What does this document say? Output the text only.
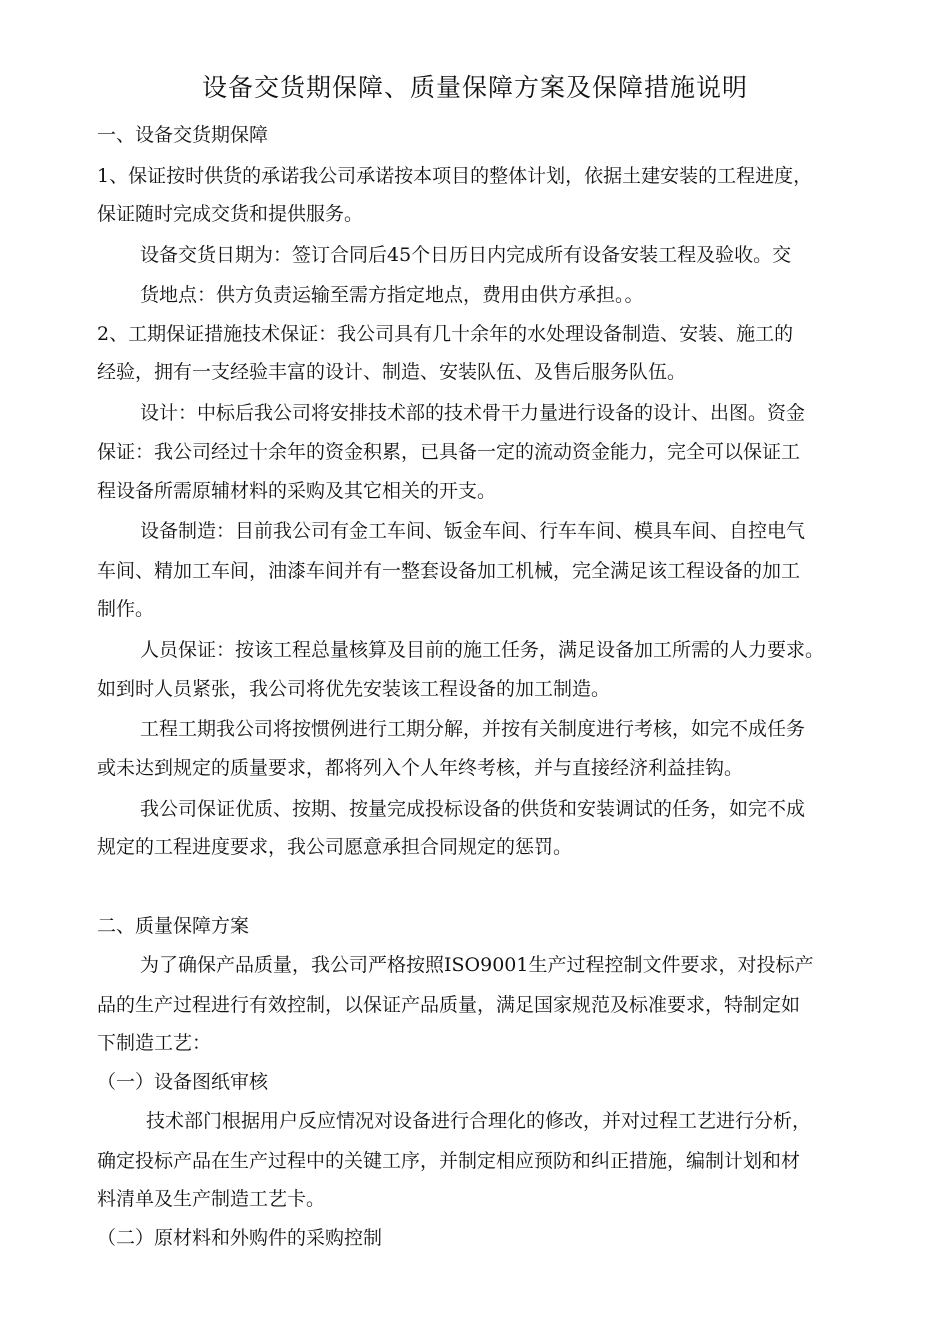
设备交货期保障、质量保障方案及保障措施说明
一、设备交货期保障
1、保证按时供货的承诺我公司承诺按本项目的整体计划，依据土建安装的工程进度，
保证随时完成交货和提供服务。
设备交货日期为：签订合同后45个日历日内完成所有设备安装工程及验收。交
货地点：供方负责运输至需方指定地点，费用由供方承担。。
2、工期保证措施技术保证：我公司具有几十余年的水处理设备制造、安装、施工的
经验，拥有一支经验丰富的设计、制造、安装队伍、及售后服务队伍。
设计：中标后我公司将安排技术部的技术骨干力量进行设备的设计、出图。资金
保证：我公司经过十余年的资金积累，已具备一定的流动资金能力，完全可以保证工
程设备所需原辅材料的采购及其它相关的开支。
设备制造：目前我公司有金工车间、钣金车间、行车车间、模具车间、自控电气
车间、精加工车间，油漆车间并有一整套设备加工机械，完全满足该工程设备的加工
制作。
人员保证：按该工程总量核算及目前的施工任务，满足设备加工所需的人力要求。
如到时人员紧张，我公司将优先安装该工程设备的加工制造。
工程工期我公司将按惯例进行工期分解，并按有关制度进行考核，如完不成任务
或未达到规定的质量要求，都将列入个人年终考核，并与直接经济利益挂钩。
我公司保证优质、按期、按量完成投标设备的供货和安装调试的任务，如完不成
规定的工程进度要求，我公司愿意承担合同规定的惩罚。
二、质量保障方案
为了确保产品质量，我公司严格按照ISO9001生产过程控制文件要求，对投标产
品的生产过程进行有效控制，以保证产品质量，满足国家规范及标准要求，特制定如
下制造工艺：
（一）设备图纸审核
技术部门根据用户反应情况对设备进行合理化的修改，并对过程工艺进行分析，
确定投标产品在生产过程中的关键工序，并制定相应预防和纠正措施，编制计划和材
料清单及生产制造工艺卡。
（二）原材料和外购件的采购控制
